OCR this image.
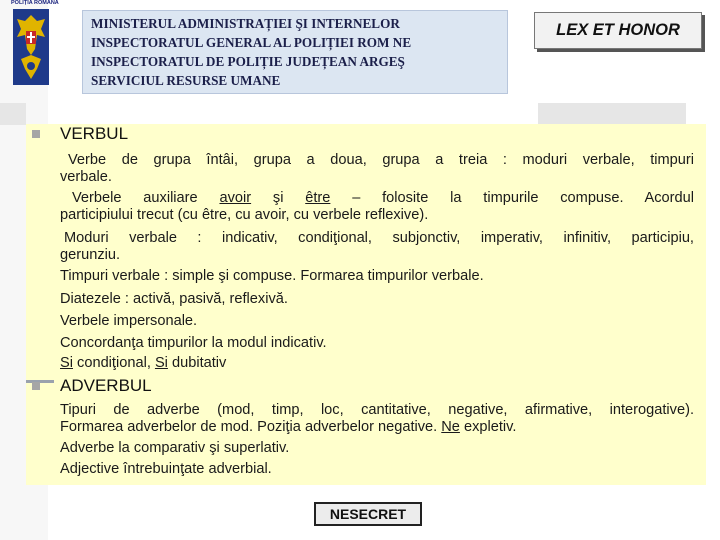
POLIȚIA ROMÂNĂ
MINISTERUL ADMINISTRAȚIEI ŞI INTERNELOR
INSPECTORATUL GENERAL AL POLIȚIEI ROM NE
INSPECTORATUL DE POLIȚIE JUDEȚEAN ARGEŞ
SERVICIUL RESURSE UMANE
LEX ET HONOR
VERBUL
Verbe de grupa întâi, grupa a doua, grupa a treia : moduri verbale, timpuri
verbale.
Verbele auxiliare avoir şi être – folosite la timpurile compuse. Acordul
participiului trecut (cu être, cu avoir, cu verbele reflexive).
Moduri verbale : indicativ, condiţional, subjonctiv, imperativ, infinitiv, participiu,
gerunziu.
Timpuri verbale : simple şi compuse. Formarea timpurilor verbale.
Diatezele : activă, pasivă, reflexivă.
Verbele impersonale.
Concordanţa timpurilor la modul indicativ.
Si condiţional, Si dubitativ
ADVERBUL
Tipuri de adverbe (mod, timp, loc, cantitative, negative, afirmative, interogative).
Formarea adverbelor de mod. Poziţia adverbelor negative. Ne expletiv.
Adverbe la comparativ şi superlativ.
Adjective întrebuinţate adverbial.
NESECRET
